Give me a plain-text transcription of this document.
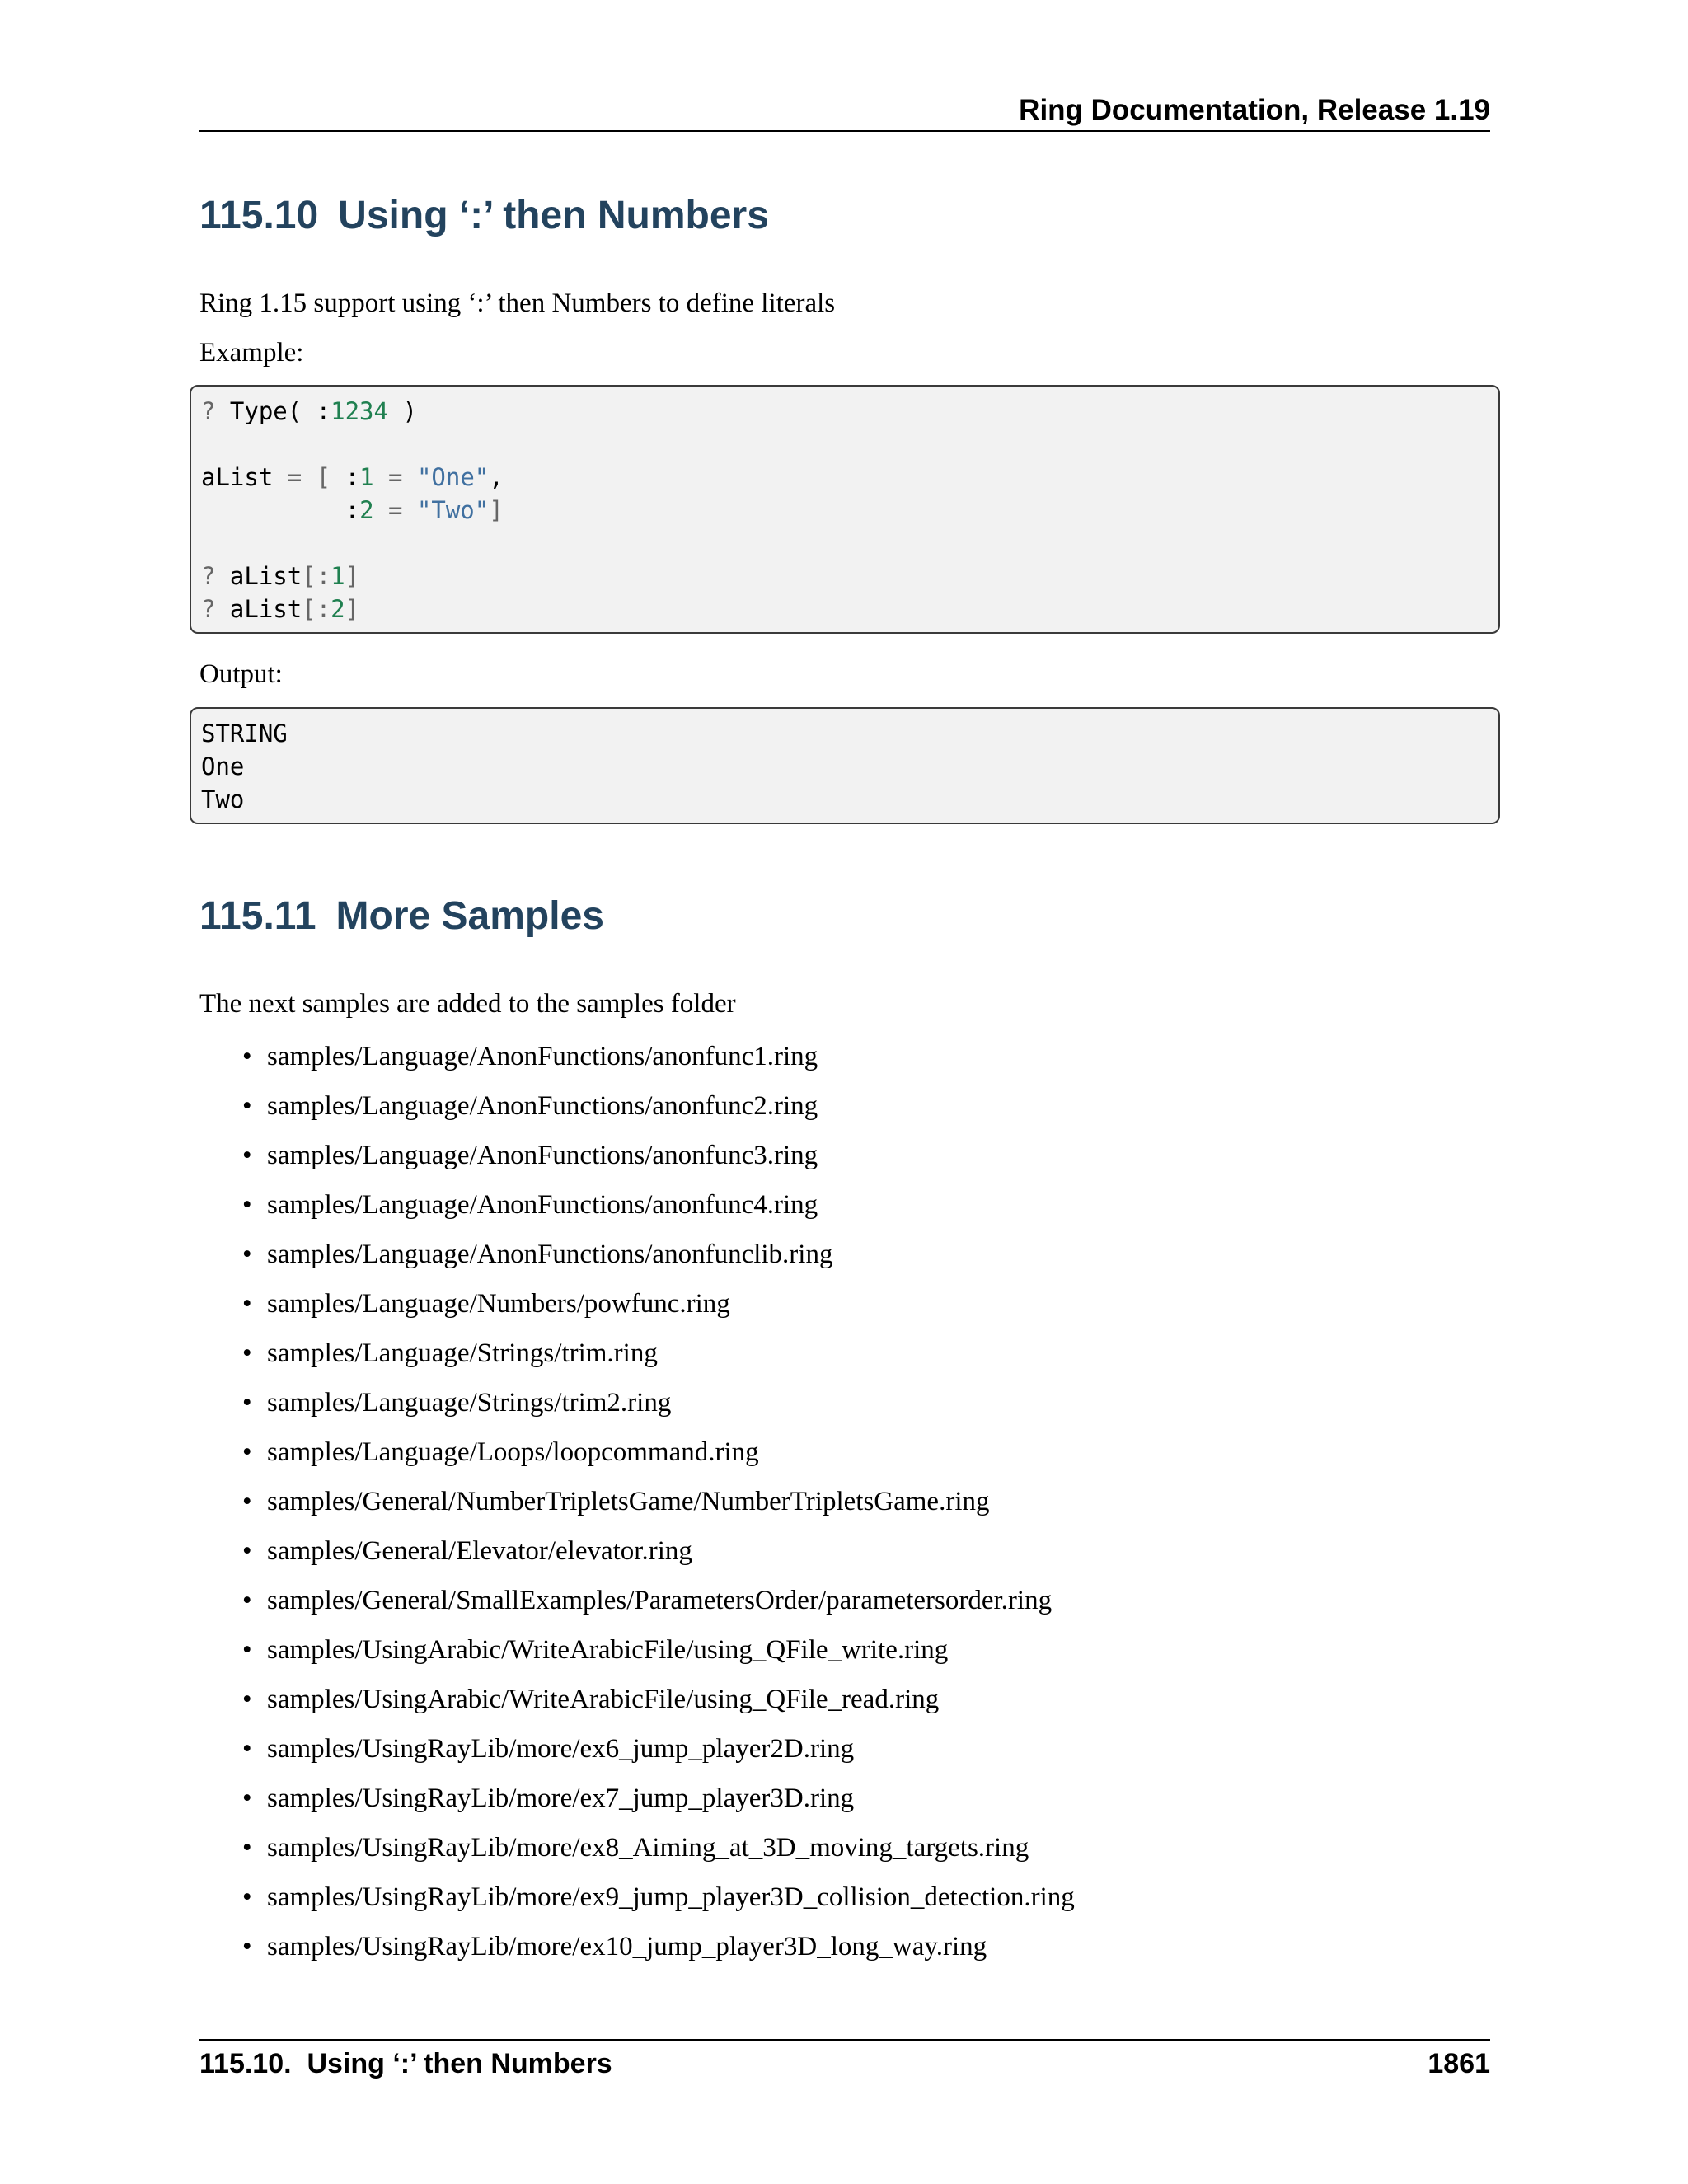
Ring Documentation, Release 1.19
115.10 Using ‘:’ then Numbers

Ring 1.15 support using ‘:’ then Numbers to define literals

Example:

? Type( :1234 )
aList = [ :1 = "One",
:2 = "Two"]
? aList[:1]
? aList[:2]

Output:

STRING
One
Two
115.11 More Samples

The next samples are added to the samples folder

• samples/Language/AnonFunctions/anonfunc1.ring
• samples/Language/AnonFunctions/anonfunc2.ring
• samples/Language/AnonFunctions/anonfunc3.ring
• samples/Language/AnonFunctions/anonfunc4.ring
• samples/Language/AnonFunctions/anonfunclib.ring
• samples/Language/Numbers/powfunc.ring
• samples/Language/Strings/trim.ring
• samples/Language/Strings/trim2.ring
• samples/Language/Loops/loopcommand.ring
• samples/General/NumberTripletsGame/NumberTripletsGame.ring
• samples/General/Elevator/elevator.ring
• samples/General/SmallExamples/ParametersOrder/parametersorder.ring
• samples/UsingArabic/WriteArabicFile/using_QFile_write.ring
• samples/UsingArabic/WriteArabicFile/using_QFile_read.ring
• samples/UsingRayLib/more/ex6_jump_player2D.ring
• samples/UsingRayLib/more/ex7_jump_player3D.ring
• samples/UsingRayLib/more/ex8_Aiming_at_3D_moving_targets.ring
• samples/UsingRayLib/more/ex9_jump_player3D_collision_detection.ring
• samples/UsingRayLib/more/ex10_jump_player3D_long_way.ring
115.10.  Using ‘:’ then Numbers	1861
